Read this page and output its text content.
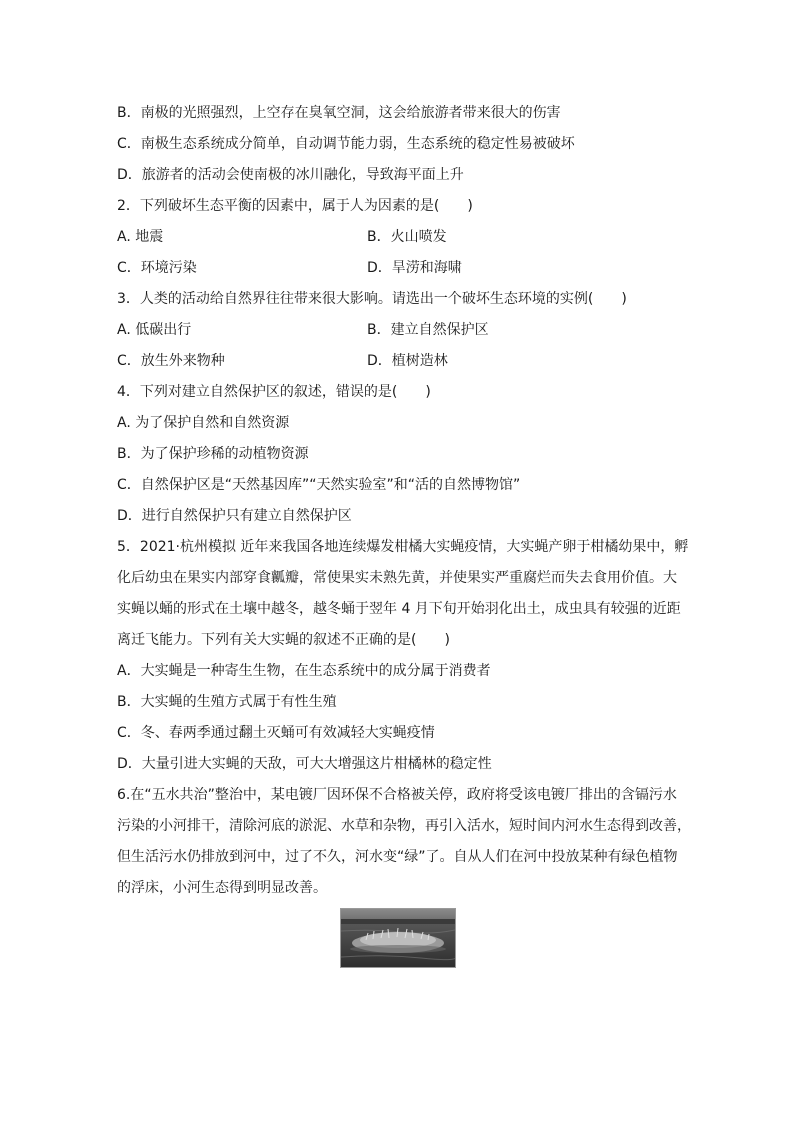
B．南极的光照强烈，上空存在臭氧空洞，这会给旅游者带来很大的伤害
C．南极生态系统成分简单，自动调节能力弱，生态系统的稳定性易被破坏
D．旅游者的活动会使南极的冰川融化，导致海平面上升
2．下列破坏生态平衡的因素中，属于人为因素的是(　　)
A. 地震	B．火山喷发
C．环境污染	D．旱涝和海啸
3．人类的活动给自然界往往带来很大影响。请选出一个破坏生态环境的实例(　　)
A. 低碳出行	B．建立自然保护区
C．放生外来物种	D．植树造林
4．下列对建立自然保护区的叙述，错误的是(　　)
A. 为了保护自然和自然资源
B．为了保护珍稀的动植物资源
C．自然保护区是“天然基因库”“天然实验室”和“活的自然博物馆”
D．进行自然保护只有建立自然保护区
5．2021·杭州模拟 近年来我国各地连续爆发柑橘大实蝇疫情，大实蝇产卵于柑橘幼果中，孵
化后幼虫在果实内部穿食瓤瓣，常使果实未熟先黄，并使果实严重腐烂而失去食用价值。大
实蝇以蛹的形式在土壤中越冬，越冬蛹于翌年 4 月下旬开始羽化出土，成虫具有较强的近距
离迁飞能力。下列有关大实蝇的叙述不正确的是(　　)
A．大实蝇是一种寄生生物，在生态系统中的成分属于消费者
B．大实蝇的生殖方式属于有性生殖
C．冬、春两季通过翻土灭蛹可有效减轻大实蝇疫情
D．大量引进大实蝇的天敌，可大大增强这片柑橘林的稳定性
6.在“五水共治”整治中，某电镀厂因环保不合格被关停，政府将受该电镀厂排出的含镉污水
污染的小河排干，清除河底的淤泥、水草和杂物，再引入活水，短时间内河水生态得到改善，
但生活污水仍排放到河中，过了不久，河水变“绿”了。自从人们在河中投放某种有绿色植物
的浮床，小河生态得到明显改善。
